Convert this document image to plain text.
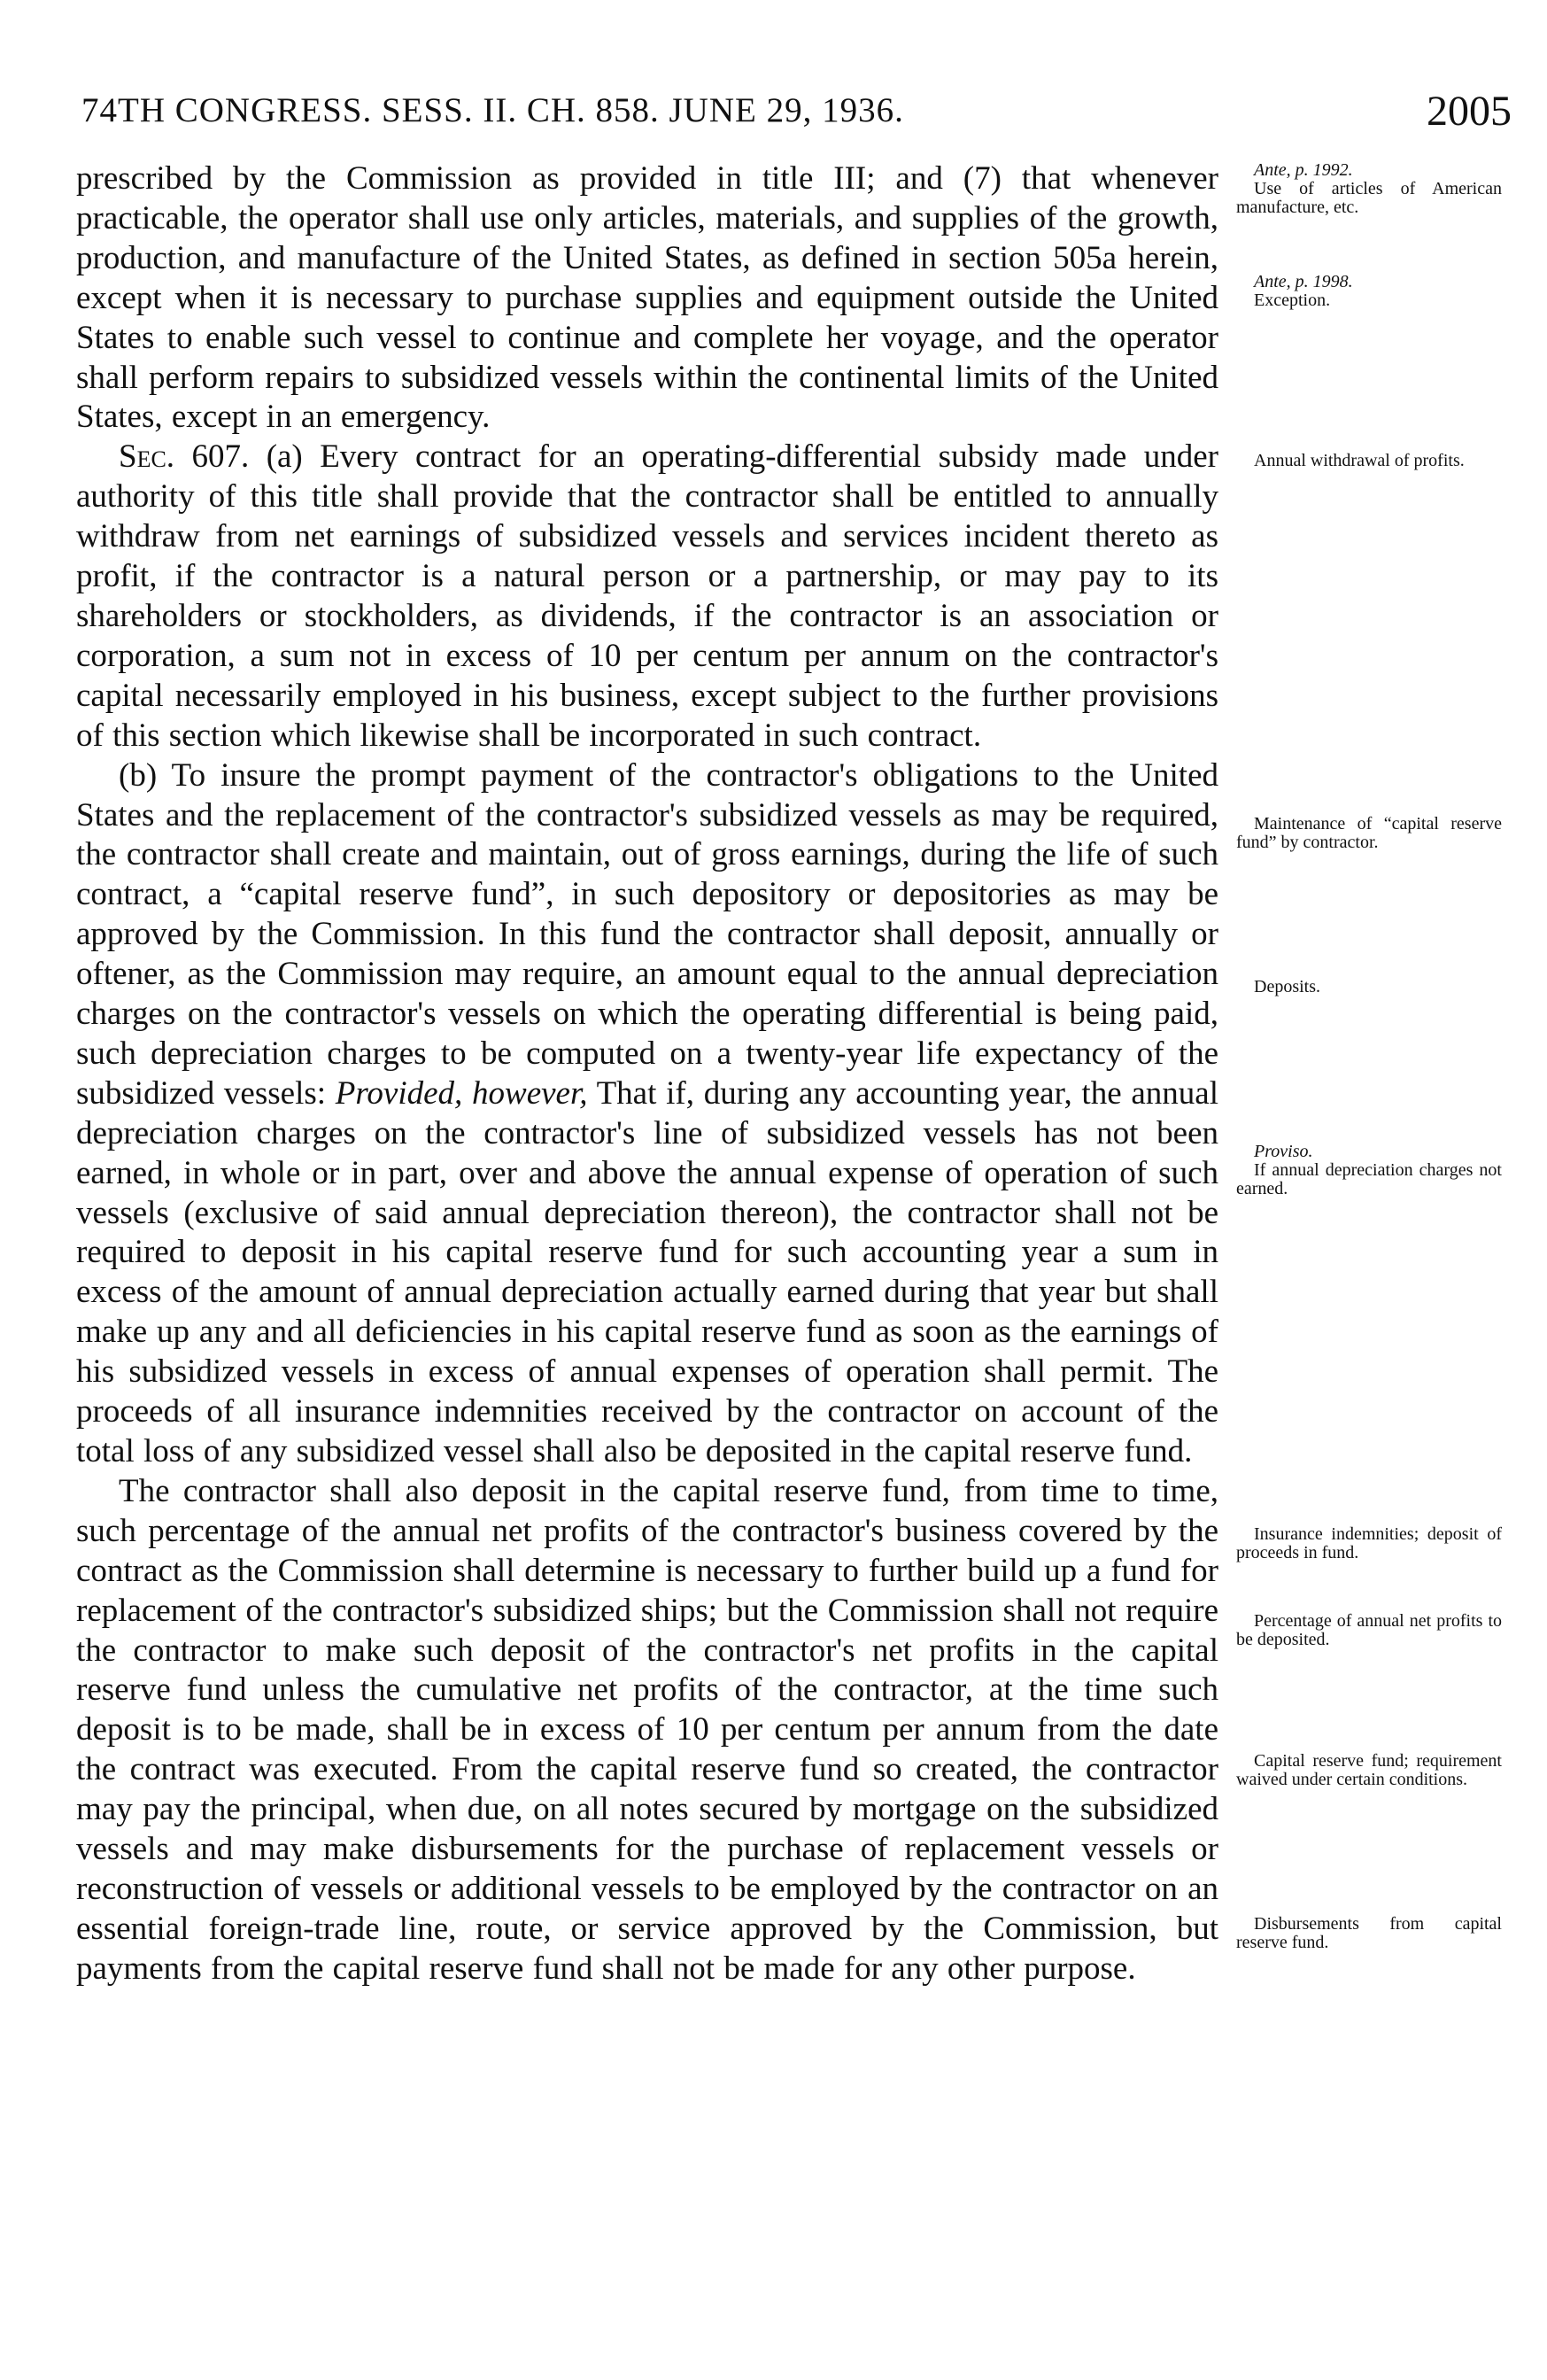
74TH CONGRESS. SESS. II. CH. 858. JUNE 29, 1936.	2005

prescribed by the Commission as provided in title III; and (7) that whenever practicable, the operator shall use only articles, materials, and supplies of the growth, production, and manufacture of the United States, as defined in section 505a herein, except when it is necessary to purchase supplies and equipment outside the United States to enable such vessel to continue and complete her voyage, and the operator shall perform repairs to subsidized vessels within the continental limits of the United States, except in an emergency.

Sec. 607. (a) Every contract for an operating-differential subsidy made under authority of this title shall provide that the contractor shall be entitled to annually withdraw from net earnings of subsidized vessels and services incident thereto as profit, if the contractor is a natural person or a partnership, or may pay to its shareholders or stockholders, as dividends, if the contractor is an association or corporation, a sum not in excess of 10 per centum per annum on the contractor's capital necessarily employed in his business, except subject to the further provisions of this section which likewise shall be incorporated in such contract.

(b) To insure the prompt payment of the contractor's obligations to the United States and the replacement of the contractor's subsidized vessels as may be required, the contractor shall create and maintain, out of gross earnings, during the life of such contract, a “capital reserve fund”, in such depository or depositories as may be approved by the Commission. In this fund the contractor shall deposit, annually or oftener, as the Commission may require, an amount equal to the annual depreciation charges on the contractor's vessels on which the operating differential is being paid, such depreciation charges to be computed on a twenty-year life expectancy of the subsidized vessels: Provided, however, That if, during any accounting year, the annual depreciation charges on the contractor's line of subsidized vessels has not been earned, in whole or in part, over and above the annual expense of operation of such vessels (exclusive of said annual depreciation thereon), the contractor shall not be required to deposit in his capital reserve fund for such accounting year a sum in excess of the amount of annual depreciation actually earned during that year but shall make up any and all deficiencies in his capital reserve fund as soon as the earnings of his subsidized vessels in excess of annual expenses of operation shall permit. The proceeds of all insurance indemnities received by the contractor on account of the total loss of any subsidized vessel shall also be deposited in the capital reserve fund.

The contractor shall also deposit in the capital reserve fund, from time to time, such percentage of the annual net profits of the contractor's business covered by the contract as the Commission shall determine is necessary to further build up a fund for replacement of the contractor's subsidized ships; but the Commission shall not require the contractor to make such deposit of the contractor's net profits in the capital reserve fund unless the cumulative net profits of the contractor, at the time such deposit is to be made, shall be in excess of 10 per centum per annum from the date the contract was executed. From the capital reserve fund so created, the contractor may pay the principal, when due, on all notes secured by mortgage on the subsidized vessels and may make disbursements for the purchase of replacement vessels or reconstruction of vessels or additional vessels to be employed by the contractor on an essential foreign-trade line, route, or service approved by the Commission, but payments from the capital reserve fund shall not be made for any other purpose.

Ante, p. 1992.
Use of articles of American manufacture, etc.
Ante, p. 1998.
Exception.
Annual withdrawal of profits.
Maintenance of “capital reserve fund” by contractor.
Deposits.
Proviso.
If annual depreciation charges not earned.
Insurance indemnities; deposit of proceeds in fund.
Percentage of annual net profits to be deposited.
Capital reserve fund; requirement waived under certain conditions.
Disbursements from capital reserve fund.
